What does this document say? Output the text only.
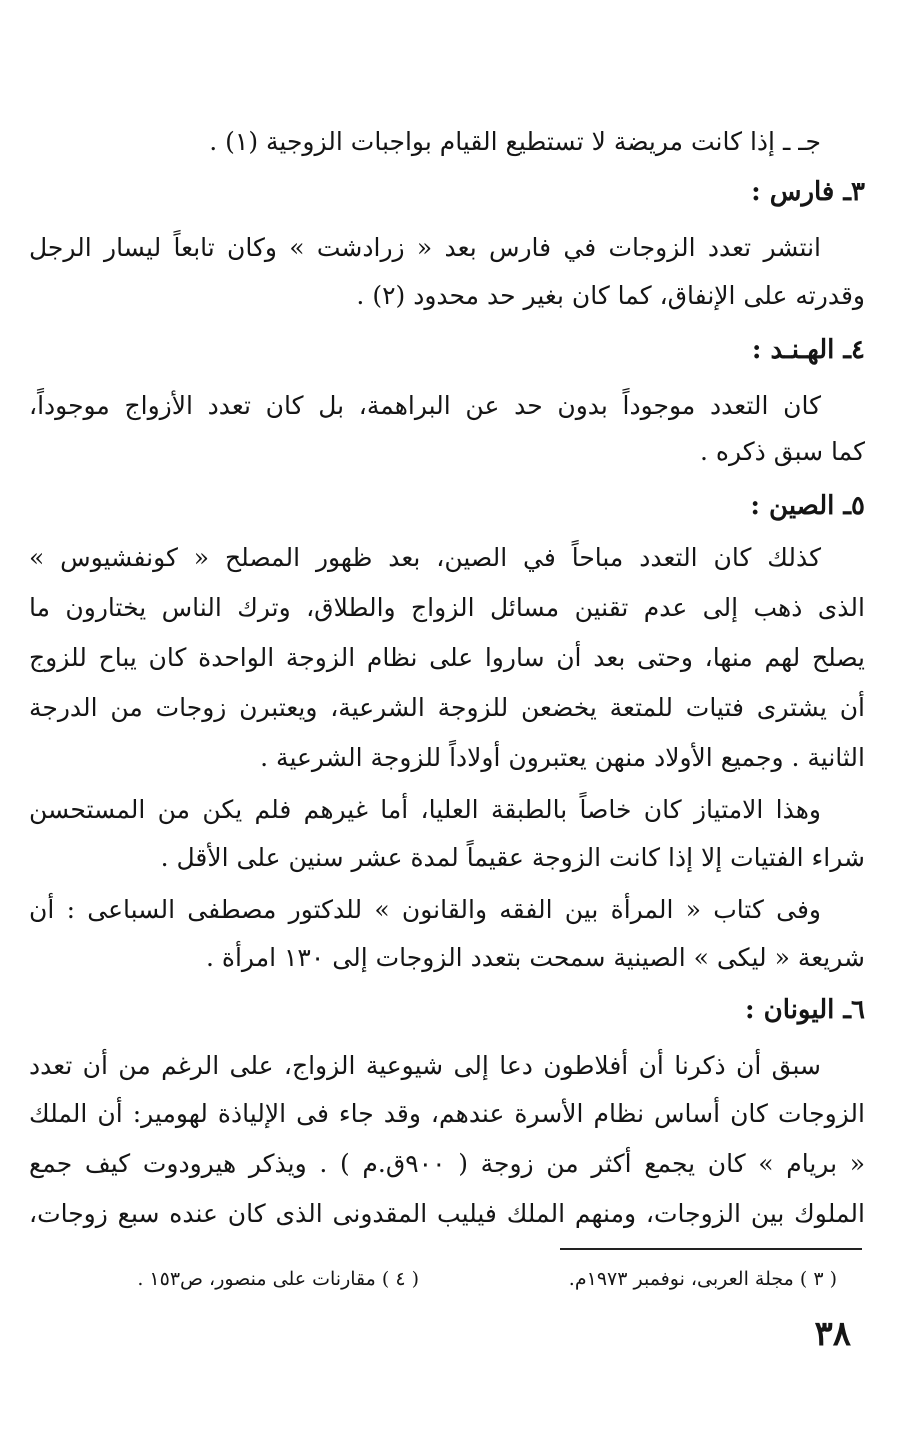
جـ ـ إذا كانت مريضة لا تستطيع القيام بواجبات الزوجية (١) .
٣ـ فارس :
انتشر تعدد الزوجات في فارس بعد « زرادشت » وكان تابعاً ليسار الرجل
وقدرته على الإنفاق، كما كان بغير حد محدود (٢) .
٤ـ الهـنـد :
كان التعدد موجوداً بدون حد عن البراهمة، بل كان تعدد الأزواج موجوداً،
كما سبق ذكره .
٥ـ الصين :
كذلك كان التعدد مباحاً في الصين، بعد ظهور المصلح « كونفشيوس »
الذى ذهب إلى عدم تقنين مسائل الزواج والطلاق، وترك الناس يختارون ما
يصلح لهم منها، وحتى بعد أن ساروا على نظام الزوجة الواحدة كان يباح للزوج
أن يشترى فتيات للمتعة يخضعن للزوجة الشرعية، ويعتبرن زوجات من الدرجة
الثانية . وجميع الأولاد منهن يعتبرون أولاداً للزوجة الشرعية .
وهذا الامتياز كان خاصاً بالطبقة العليا، أما غيرهم فلم يكن من المستحسن
شراء الفتيات إلا إذا كانت الزوجة عقيماً لمدة عشر سنين على الأقل .
وفى كتاب « المرأة بين الفقه والقانون » للدكتور مصطفى السباعى : أن
شريعة « ليكى » الصينية سمحت بتعدد الزوجات إلى ١٣٠ امرأة .
٦ـ اليونان :
سبق أن ذكرنا أن أفلاطون دعا إلى شيوعية الزواج، على الرغم من أن تعدد
الزوجات كان أساس نظام الأسرة عندهم، وقد جاء فى الإلياذة لهومير: أن الملك
« بريام » كان يجمع أكثر من زوجة ( ٩٠٠ق.م ) . ويذكر هيرودوت كيف جمع
الملوك بين الزوجات، ومنهم الملك فيليب المقدونى الذى كان عنده سبع زوجات،
( ٣ ) مجلة العربى، نوفمبر ١٩٧٣م.
( ٤ ) مقارنات على منصور، ص١٥٣ .
٣٨
